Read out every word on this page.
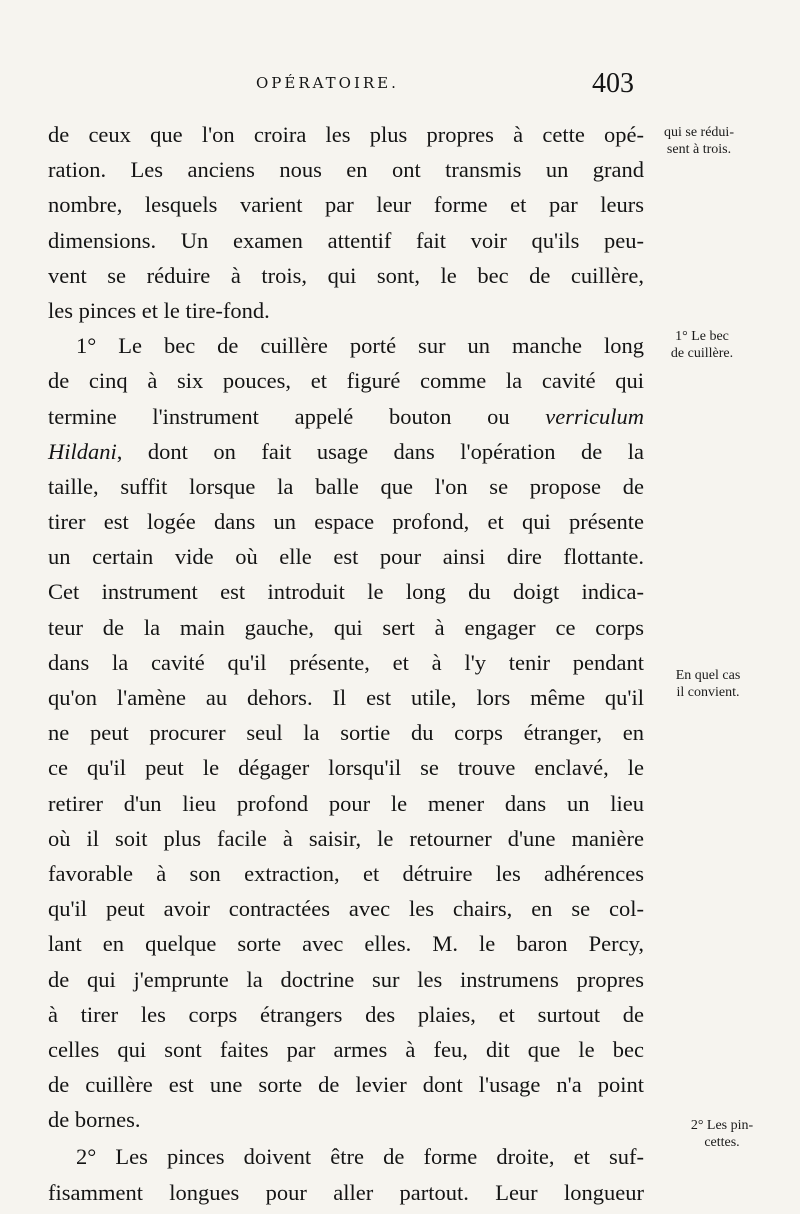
OPÉRATOIRE.	403
de ceux que l'on croira les plus propres à cette opé-
ration. Les anciens nous en ont transmis un grand
nombre, lesquels varient par leur forme et par leurs
dimensions. Un examen attentif fait voir qu'ils peu-
vent se réduire à trois, qui sont, le bec de cuillère,
les pinces et le tire-fond.
1° Le bec de cuillère porté sur un manche long
de cinq à six pouces, et figuré comme la cavité qui
termine l'instrument appelé bouton ou verriculum
Hildani, dont on fait usage dans l'opération de la
taille, suffit lorsque la balle que l'on se propose de
tirer est logée dans un espace profond, et qui présente
un certain vide où elle est pour ainsi dire flottante.
Cet instrument est introduit le long du doigt indica-
teur de la main gauche, qui sert à engager ce corps
dans la cavité qu'il présente, et à l'y tenir pendant
qu'on l'amène au dehors. Il est utile, lors même qu'il
ne peut procurer seul la sortie du corps étranger, en
ce qu'il peut le dégager lorsqu'il se trouve enclavé, le
retirer d'un lieu profond pour le mener dans un lieu
où il soit plus facile à saisir, le retourner d'une manière
favorable à son extraction, et détruire les adhérences
qu'il peut avoir contractées avec les chairs, en se col-
lant en quelque sorte avec elles. M. le baron Percy,
de qui j'emprunte la doctrine sur les instrumens propres
à tirer les corps étrangers des plaies, et surtout de
celles qui sont faites par armes à feu, dit que le bec
de cuillère est une sorte de levier dont l'usage n'a point
de bornes.
2° Les pinces doivent être de forme droite, et suf-
fisamment longues pour aller partout. Leur longueur
qui se rédui-
sent à trois.
1° Le bec
de cuillère.
En quel cas
il convient.
2° Les pin-
cettes.
